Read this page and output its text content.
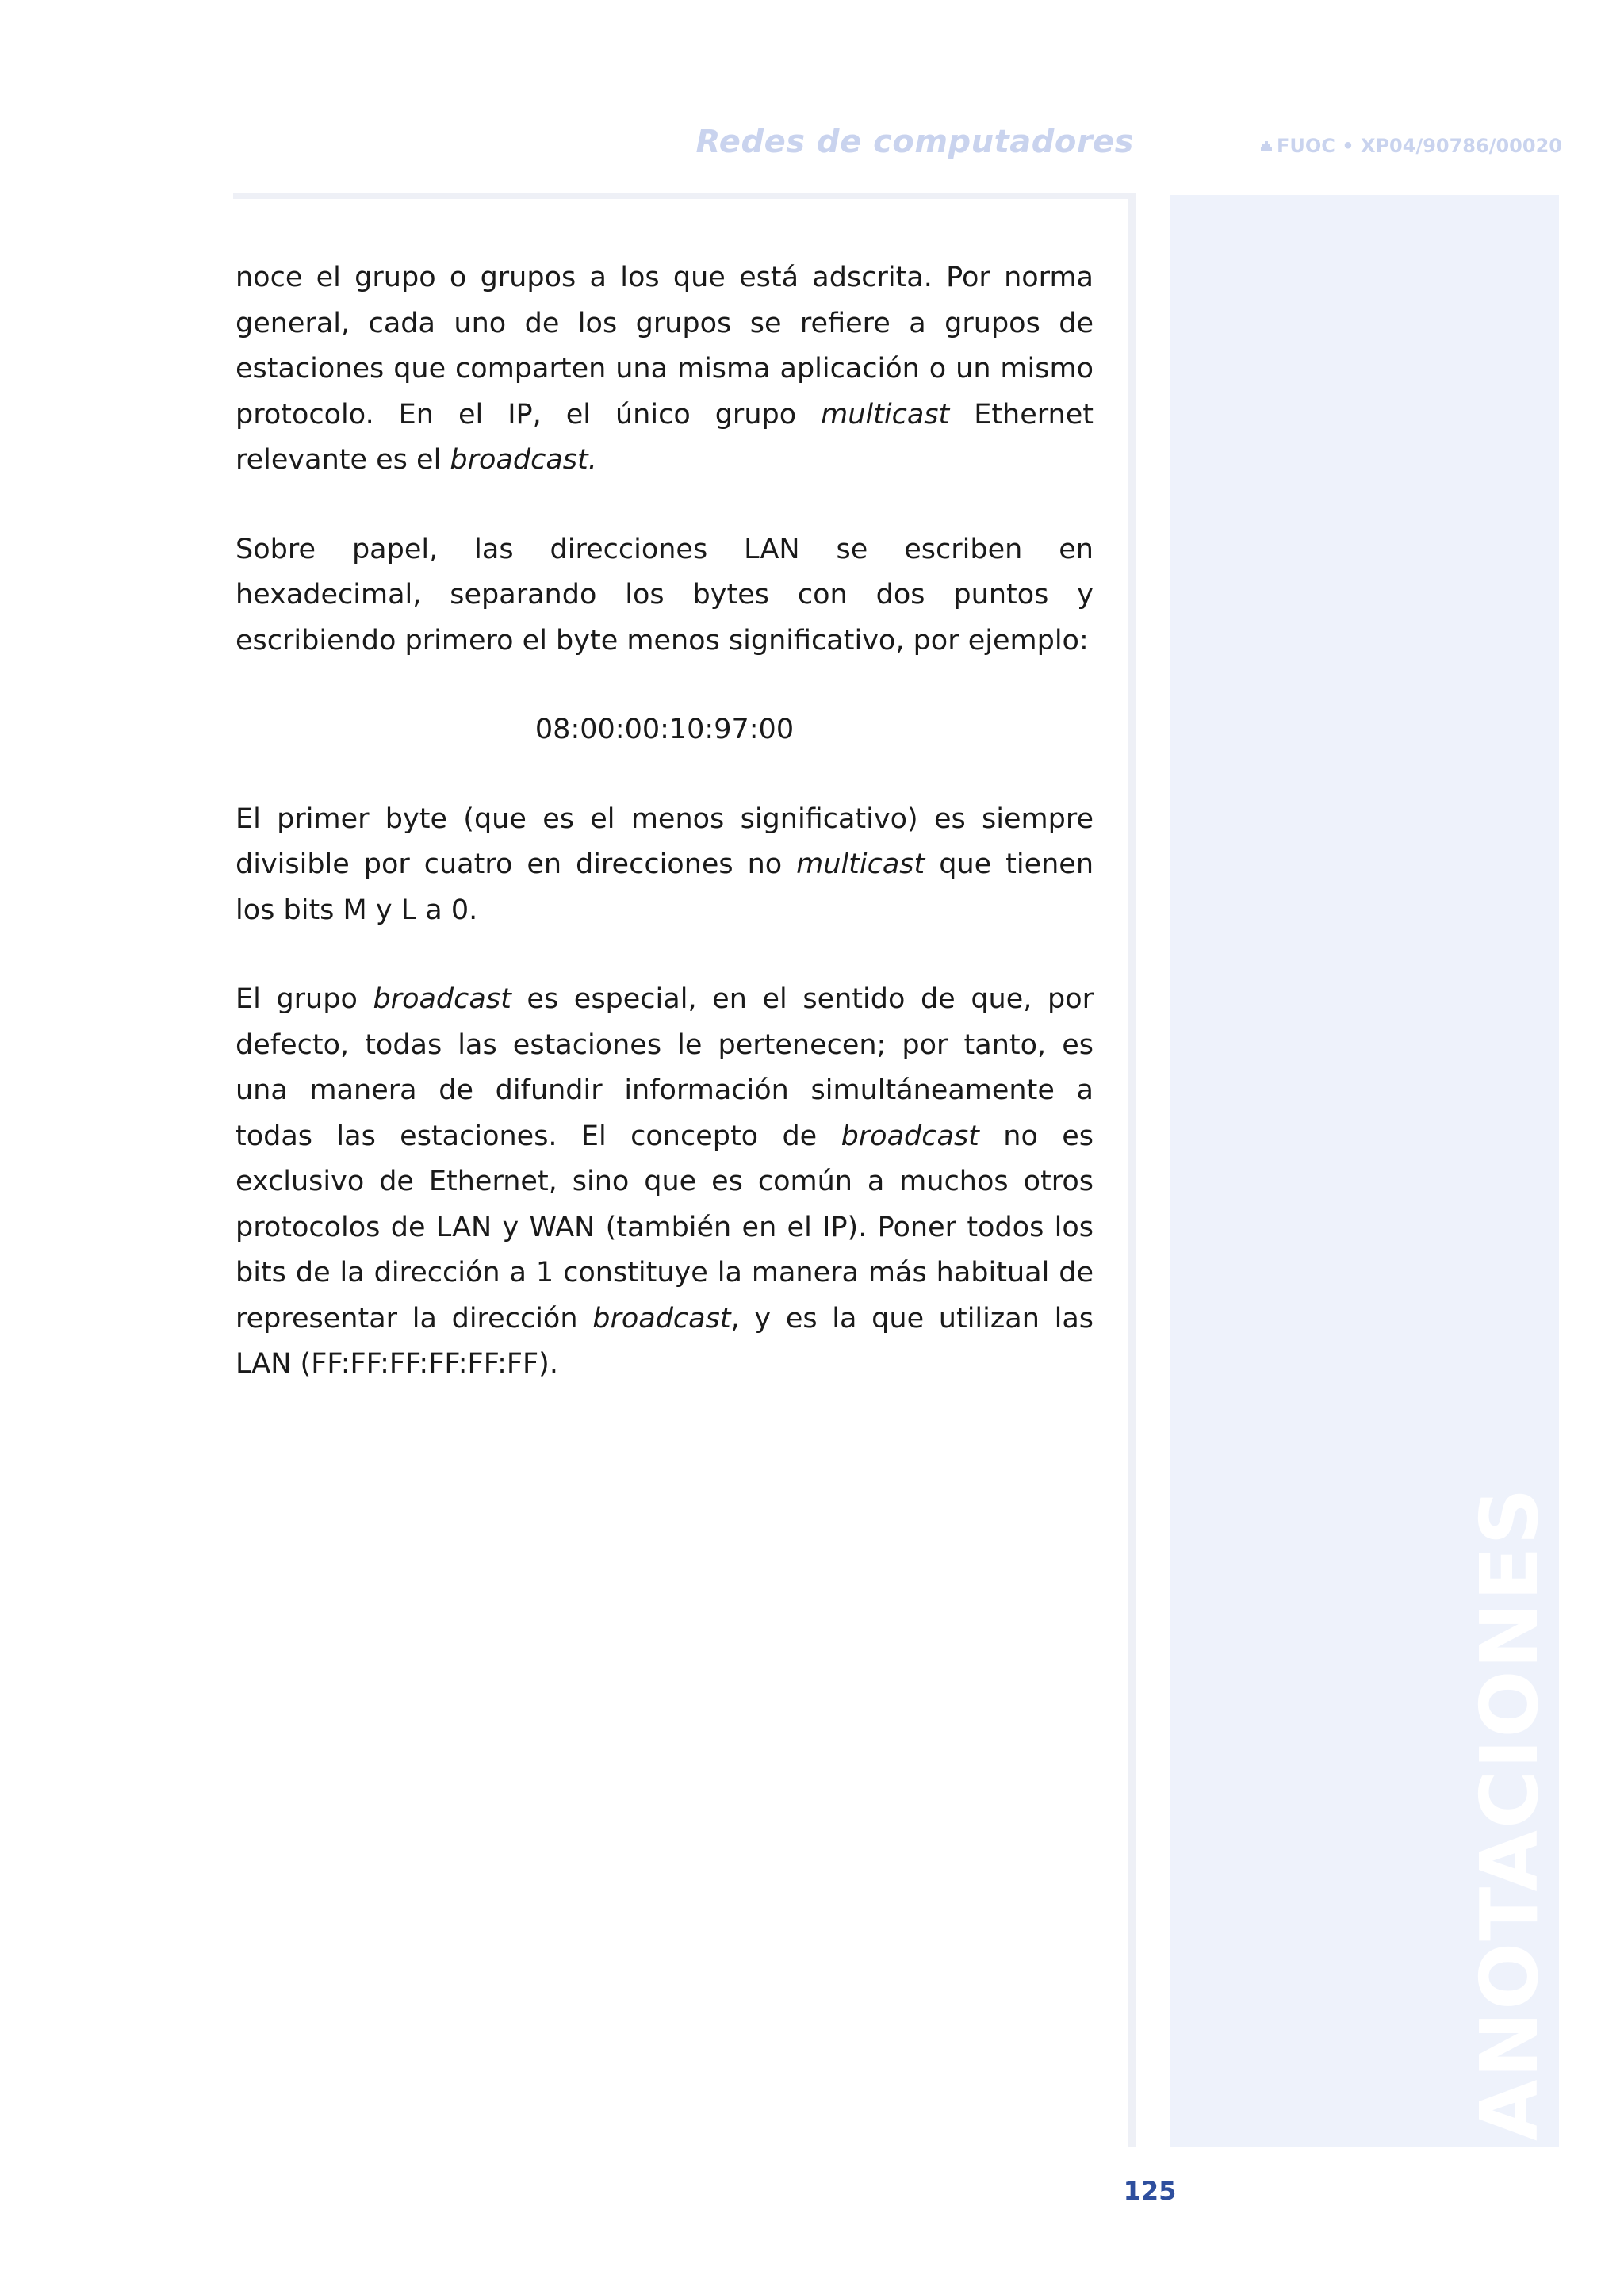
Redes de computadores	FUOC • XP04/90786/00020
ANOTACIONES

noce el grupo o grupos a los que está adscrita. Por norma general, cada uno de los grupos se refiere a grupos de estaciones que comparten una misma aplicación o un mismo protocolo. En el IP, el único grupo multicast Ethernet relevante es el broadcast.

Sobre papel, las direcciones LAN se escriben en hexadecimal, separando los bytes con dos puntos y escribiendo primero el byte menos significativo, por ejemplo:

08:00:00:10:97:00

El primer byte (que es el menos significativo) es siempre divisible por cuatro en direcciones no multicast que tienen los bits M y L a 0.

El grupo broadcast es especial, en el sentido de que, por defecto, todas las estaciones le pertenecen; por tanto, es una manera de difundir información simultáneamente a todas las estaciones. El concepto de broadcast no es exclusivo de Ethernet, sino que es común a muchos otros protocolos de LAN y WAN (también en el IP). Poner todos los bits de la dirección a 1 constituye la manera más habitual de representar la dirección broadcast, y es la que utilizan las LAN (FF:FF:FF:FF:FF:FF).

125
